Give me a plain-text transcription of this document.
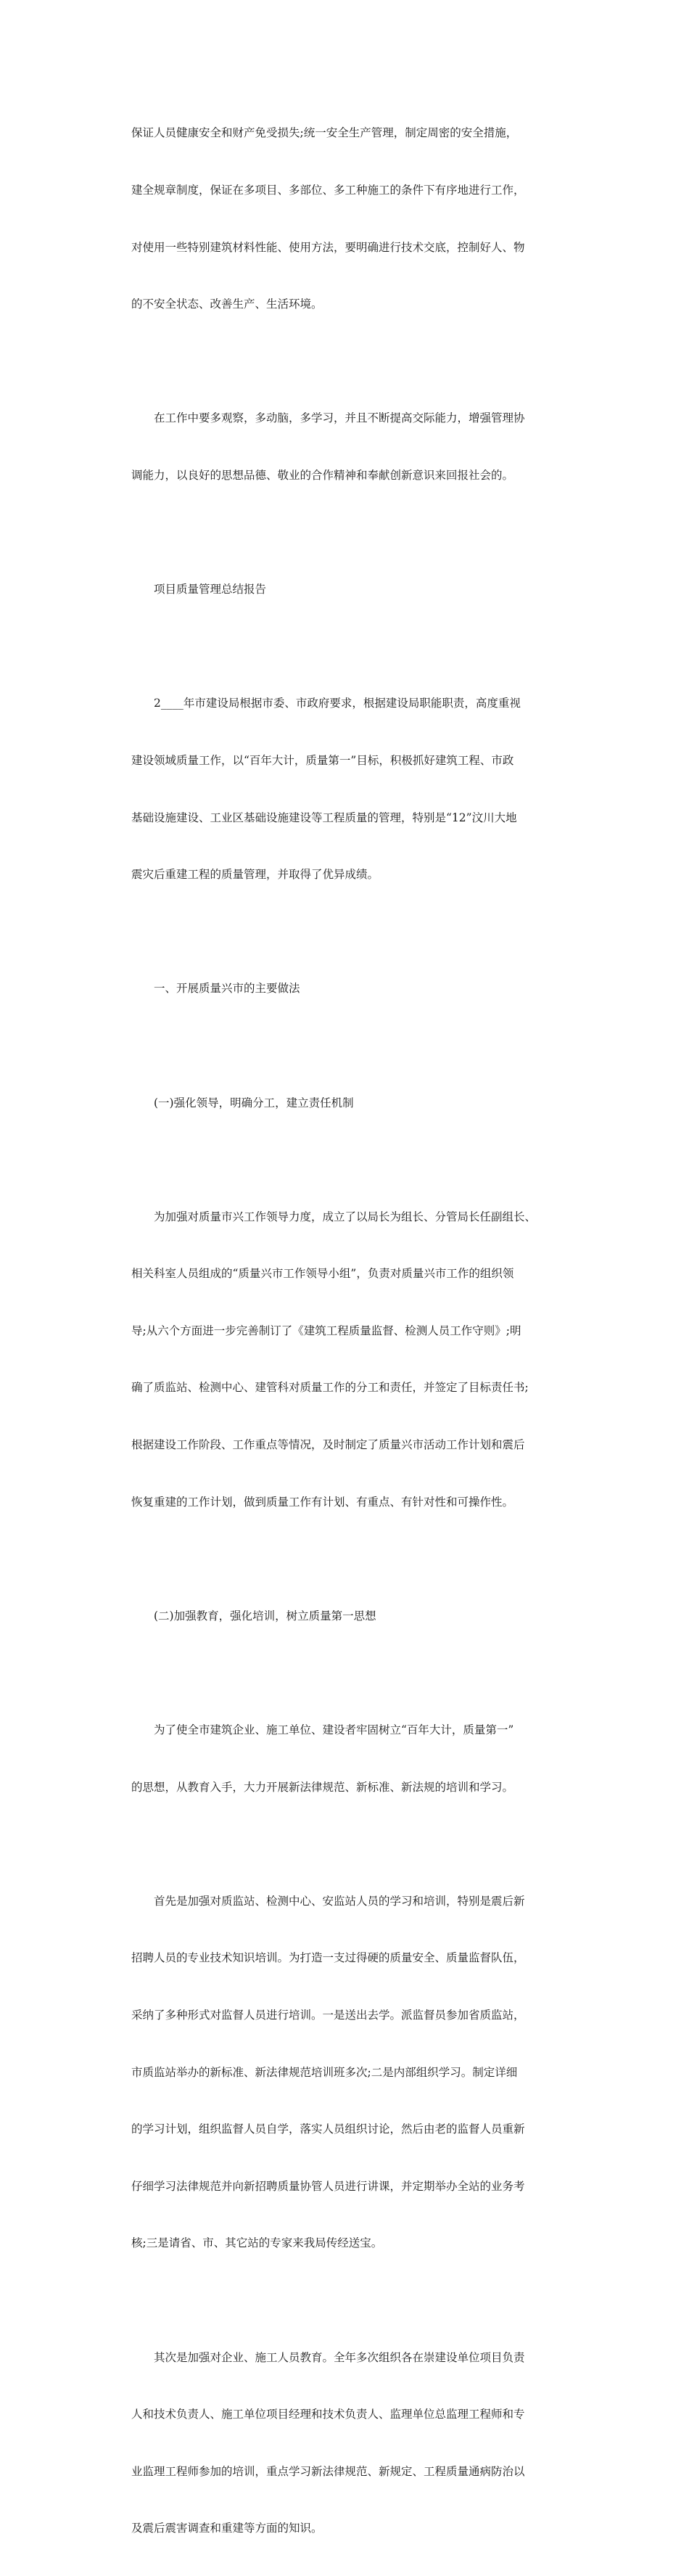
保证人员健康安全和财产免受损失;统一安全生产管理，制定周密的安全措施，

建全规章制度，保证在多项目、多部位、多工种施工的条件下有序地进行工作，

对使用一些特别建筑材料性能、使用方法，要明确进行技术交底，控制好人、物

的不安全状态、改善生产、生活环境。

在工作中要多观察，多动脑，多学习，并且不断提高交际能力，增强管理协

调能力，以良好的思想品德、敬业的合作精神和奉献创新意识来回报社会的。

项目质量管理总结报告

2____年市建设局根据市委、市政府要求，根据建设局职能职责，高度重视

建设领域质量工作，以“百年大计，质量第一”目标，积极抓好建筑工程、市政

基础设施建设、工业区基础设施建设等工程质量的管理，特别是“12”汶川大地

震灾后重建工程的质量管理，并取得了优异成绩。

一、开展质量兴市的主要做法

(一)强化领导，明确分工，建立责任机制

为加强对质量市兴工作领导力度，成立了以局长为组长、分管局长任副组长、

相关科室人员组成的“质量兴市工作领导小组”，负责对质量兴市工作的组织领

导;从六个方面进一步完善制订了《建筑工程质量监督、检测人员工作守则》;明

确了质监站、检测中心、建管科对质量工作的分工和责任，并签定了目标责任书;

根据建设工作阶段、工作重点等情况，及时制定了质量兴市活动工作计划和震后

恢复重建的工作计划，做到质量工作有计划、有重点、有针对性和可操作性。

(二)加强教育，强化培训，树立质量第一思想

为了使全市建筑企业、施工单位、建设者牢固树立“百年大计，质量第一”

的思想，从教育入手，大力开展新法律规范、新标准、新法规的培训和学习。

首先是加强对质监站、检测中心、安监站人员的学习和培训，特别是震后新

招聘人员的专业技术知识培训。为打造一支过得硬的质量安全、质量监督队伍，

采纳了多种形式对监督人员进行培训。一是送出去学。派监督员参加省质监站，

市质监站举办的新标准、新法律规范培训班多次;二是内部组织学习。制定详细

的学习计划，组织监督人员自学，落实人员组织讨论，然后由老的监督人员重新

仔细学习法律规范并向新招聘质量协管人员进行讲课，并定期举办全站的业务考

核;三是请省、市、其它站的专家来我局传经送宝。

其次是加强对企业、施工人员教育。全年多次组织各在崇建设单位项目负责

人和技术负责人、施工单位项目经理和技术负责人、监理单位总监理工程师和专

业监理工程师参加的培训，重点学习新法律规范、新规定、工程质量通病防治以

及震后震害调查和重建等方面的知识。
